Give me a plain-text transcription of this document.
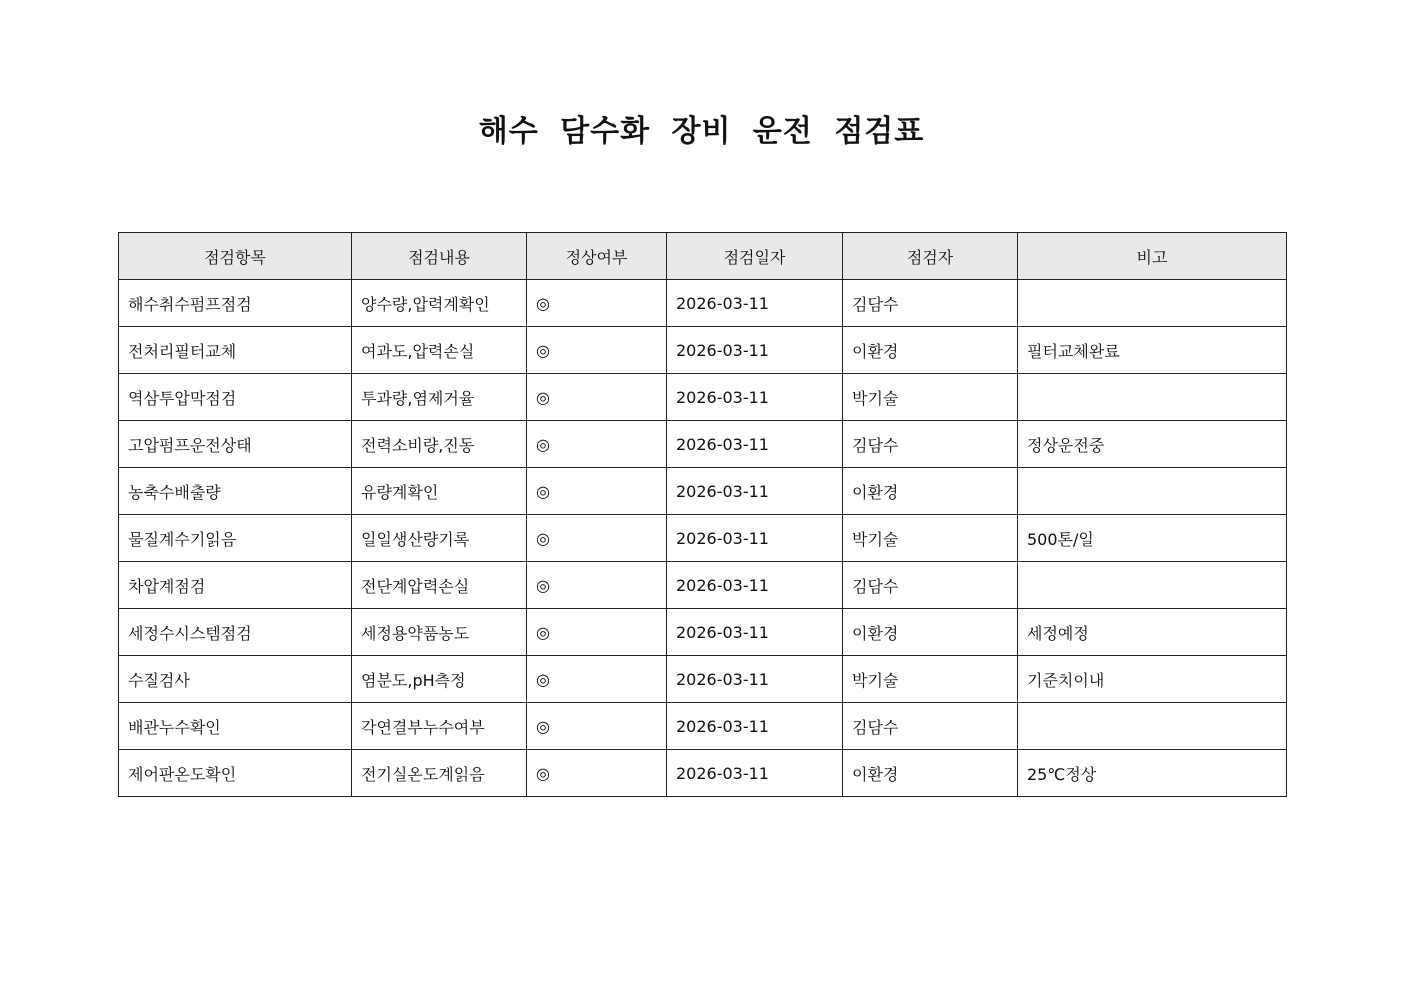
해수 담수화 장비 운전 점검표
점검항목	점검내용	정상여부	점검일자	점검자	비고
해수취수펌프점검	양수량,압력계확인	◎	2026-03-11	김담수	
전처리필터교체	여과도,압력손실	◎	2026-03-11	이환경	필터교체완료
역삼투압막점검	투과량,염제거율	◎	2026-03-11	박기술	
고압펌프운전상태	전력소비량,진동	◎	2026-03-11	김담수	정상운전중
농축수배출량	유량계확인	◎	2026-03-11	이환경	
물질계수기읽음	일일생산량기록	◎	2026-03-11	박기술	500톤/일
차압계점검	전단계압력손실	◎	2026-03-11	김담수	
세정수시스템점검	세정용약품농도	◎	2026-03-11	이환경	세정예정
수질검사	염분도,pH측정	◎	2026-03-11	박기술	기준치이내
배관누수확인	각연결부누수여부	◎	2026-03-11	김담수	
제어판온도확인	전기실온도계읽음	◎	2026-03-11	이환경	25℃정상
